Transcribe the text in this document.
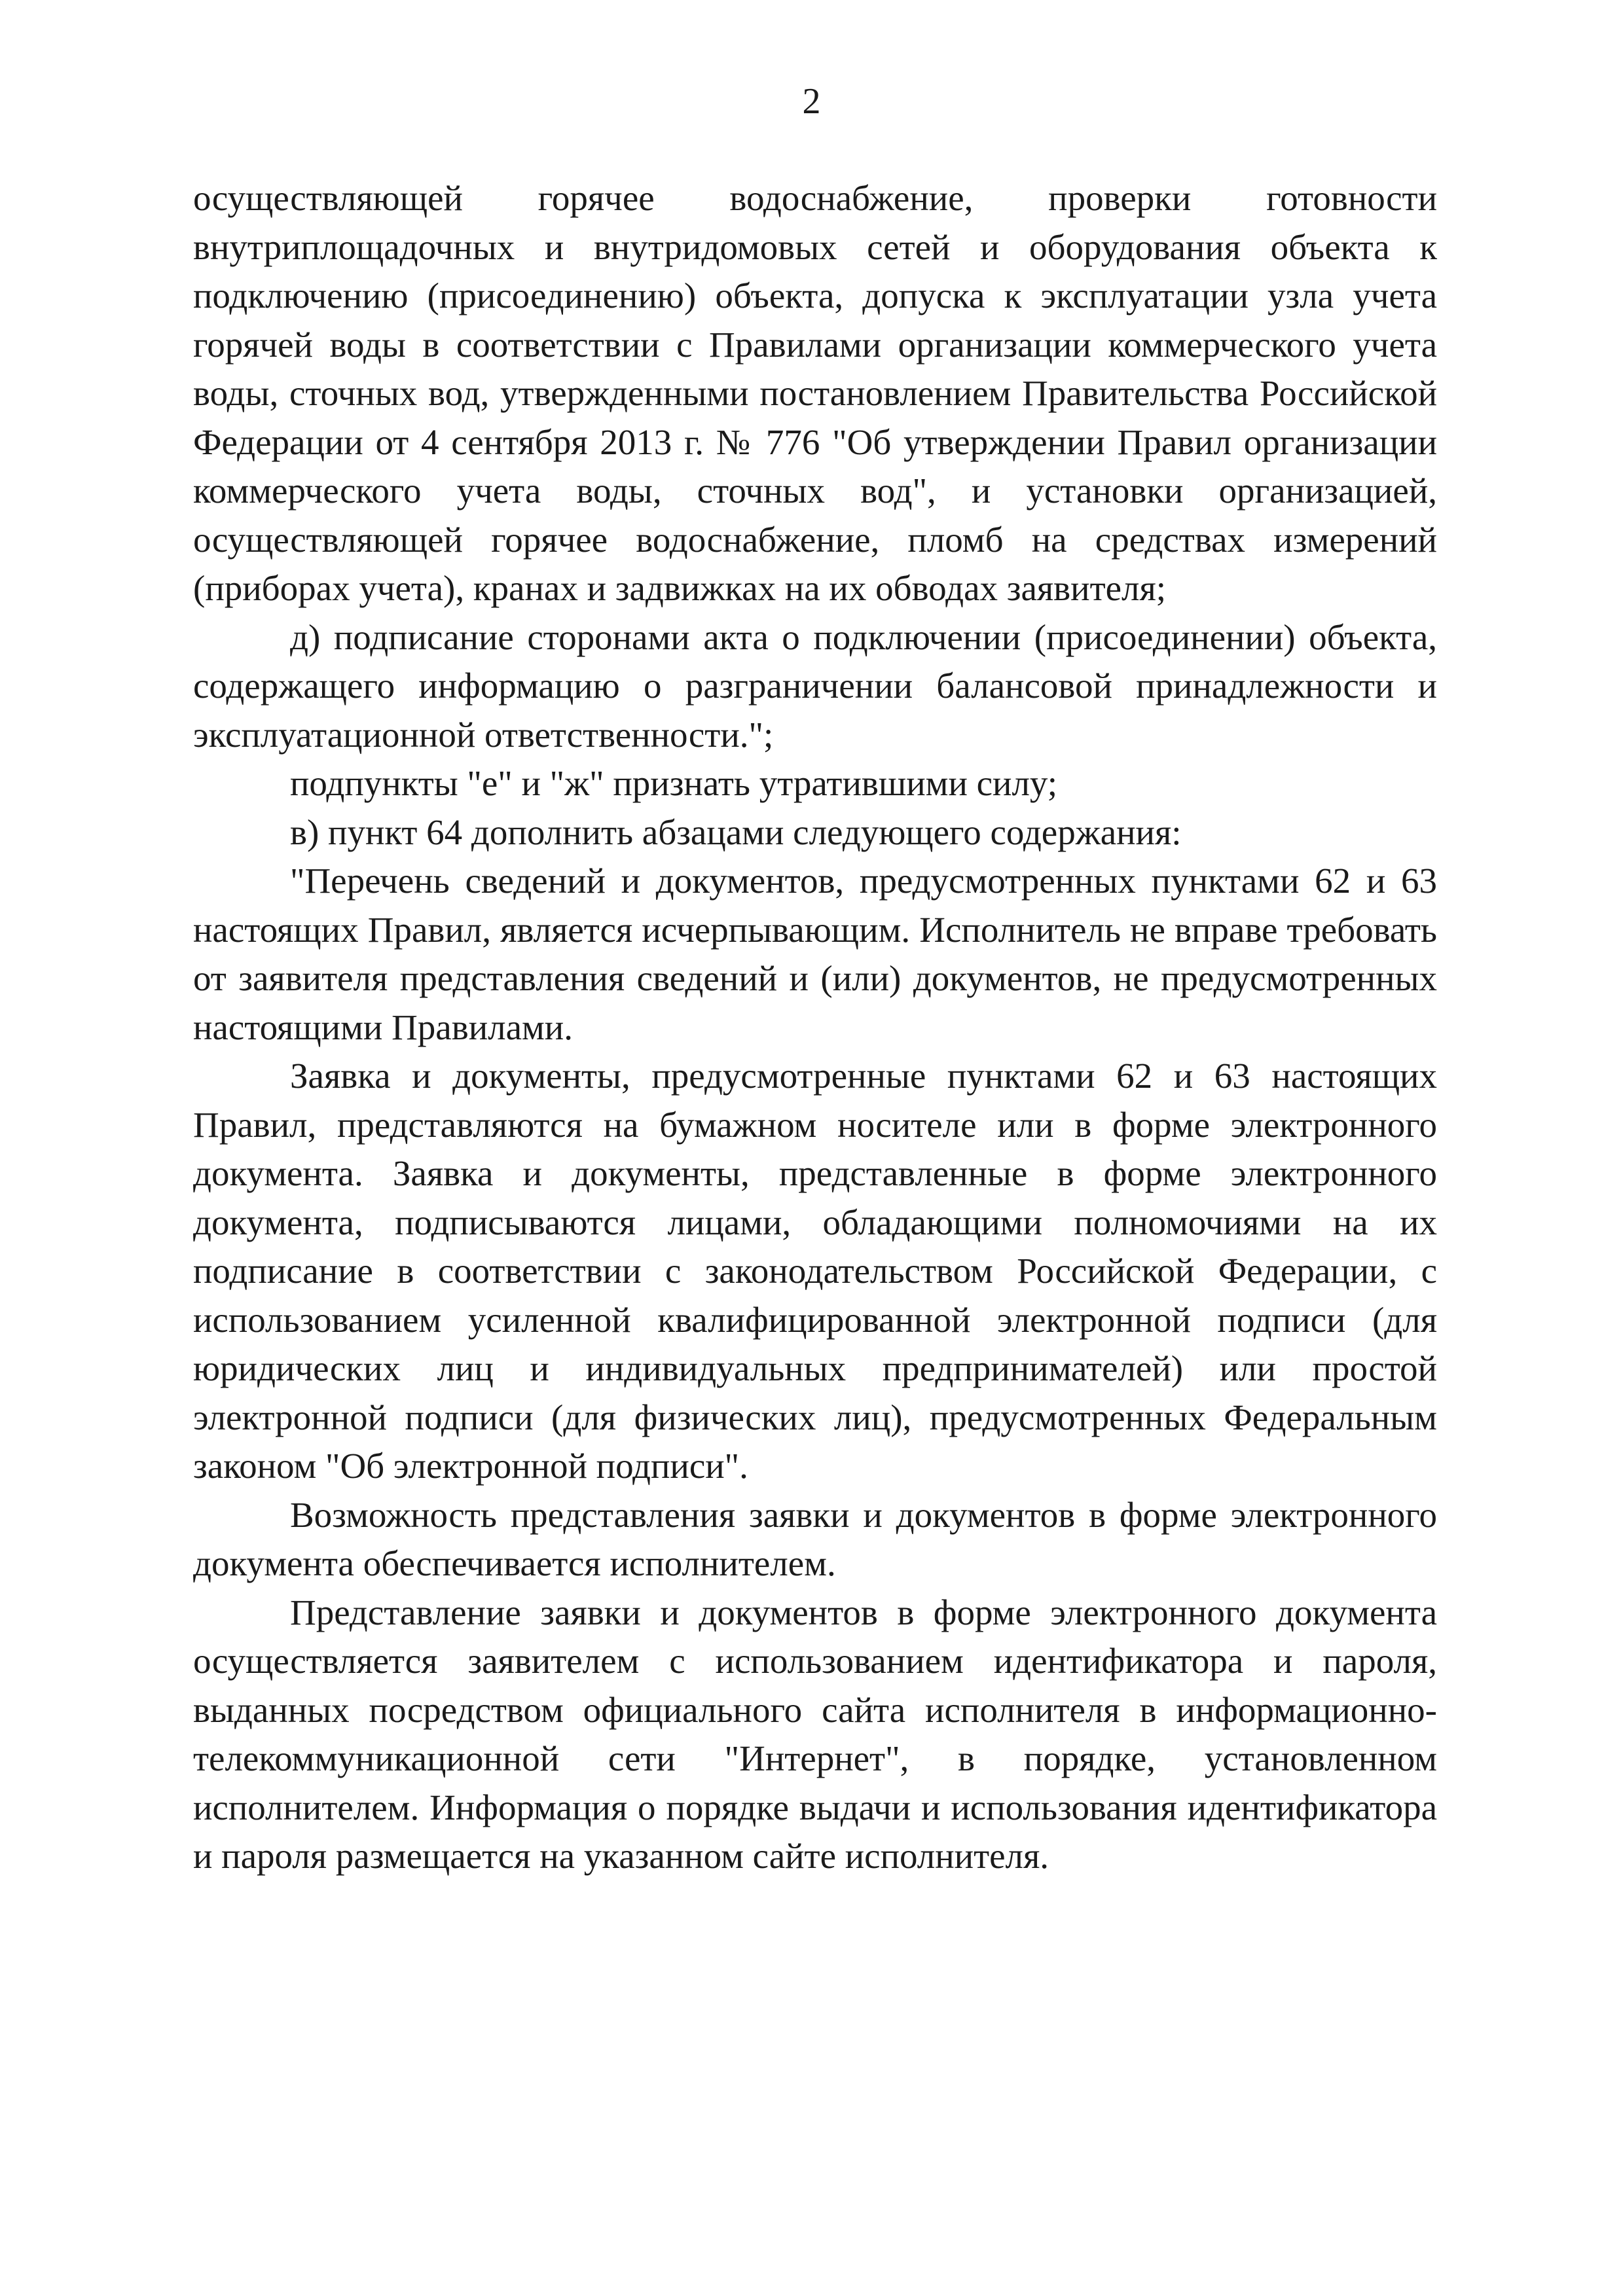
2

осуществляющей горячее водоснабжение, проверки готовности внутриплощадочных и внутридомовых сетей и оборудования объекта к подключению (присоединению) объекта, допуска к эксплуатации узла учета горячей воды в соответствии с Правилами организации коммерческого учета воды, сточных вод, утвержденными постановлением Правительства Российской Федерации от 4 сентября 2013 г. № 776 "Об утверждении Правил организации коммерческого учета воды, сточных вод", и установки организацией, осуществляющей горячее водоснабжение, пломб на средствах измерений (приборах учета), кранах и задвижках на их обводах заявителя;

д) подписание сторонами акта о подключении (присоединении) объекта, содержащего информацию о разграничении балансовой принадлежности и эксплуатационной ответственности.";

подпункты "е" и "ж" признать утратившими силу;

в) пункт 64 дополнить абзацами следующего содержания:

"Перечень сведений и документов, предусмотренных пунктами 62 и 63 настоящих Правил, является исчерпывающим. Исполнитель не вправе требовать от заявителя представления сведений и (или) документов, не предусмотренных настоящими Правилами.

Заявка и документы, предусмотренные пунктами 62 и 63 настоящих Правил, представляются на бумажном носителе или в форме электронного документа. Заявка и документы, представленные в форме электронного документа, подписываются лицами, обладающими полномочиями на их подписание в соответствии с законодательством Российской Федерации, с использованием усиленной квалифицированной электронной подписи (для юридических лиц и индивидуальных предпринимателей) или простой электронной подписи (для физических лиц), предусмотренных Федеральным законом "Об электронной подписи".

Возможность представления заявки и документов в форме электронного документа обеспечивается исполнителем.

Представление заявки и документов в форме электронного документа осуществляется заявителем с использованием идентификатора и пароля, выданных посредством официального сайта исполнителя в информационно-телекоммуникационной сети "Интернет", в порядке, установленном исполнителем. Информация о порядке выдачи и использования идентификатора и пароля размещается на указанном сайте исполнителя.
